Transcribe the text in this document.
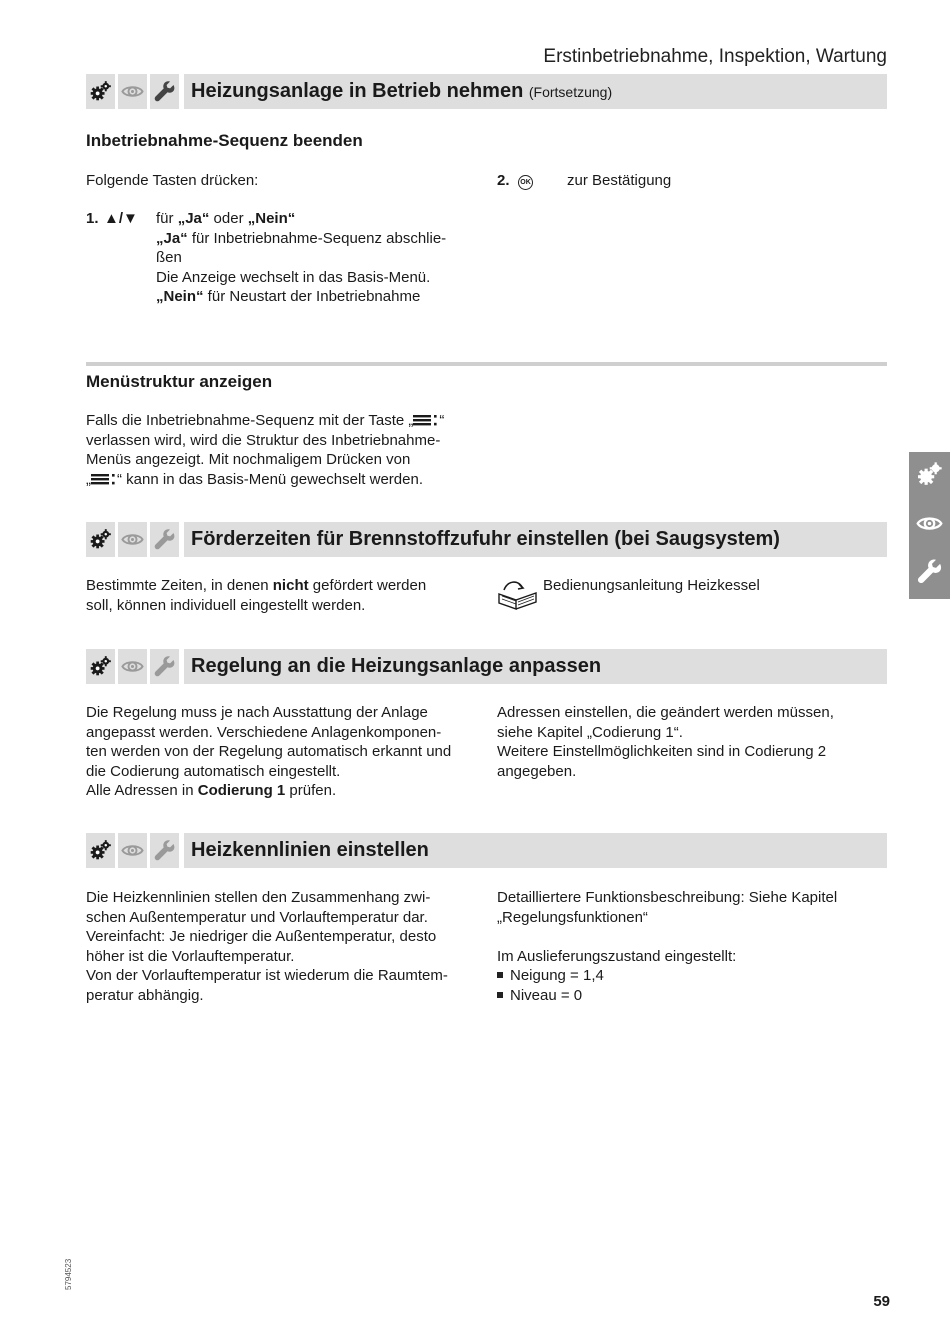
Erstinbetriebnahme, Inspektion, Wartung
Heizungsanlage in Betrieb nehmen (Fortsetzung)
Inbetriebnahme-Sequenz beenden
Folgende Tasten drücken:
1. ▲/▼ für „Ja“ oder „Nein“
„Ja“ für Inbetriebnahme-Sequenz abschlie-
ßen
Die Anzeige wechselt in das Basis-Menü.
„Nein“ für Neustart der Inbetriebnahme
2.	OK zur Bestätigung
Menüstruktur anzeigen
Falls die Inbetriebnahme-Sequenz mit der Taste „ “
verlassen wird, wird die Struktur des Inbetriebnahme-
Menüs angezeigt. Mit nochmaligem Drücken von
„ “ kann in das Basis-Menü gewechselt werden.
Förderzeiten für Brennstoffzufuhr einstellen (bei Saugsystem)
Bestimmte Zeiten, in denen nicht gefördert werden
soll, können individuell eingestellt werden.
Bedienungsanleitung Heizkessel
Regelung an die Heizungsanlage anpassen
Die Regelung muss je nach Ausstattung der Anlage
angepasst werden. Verschiedene Anlagenkomponen-
ten werden von der Regelung automatisch erkannt und
die Codierung automatisch eingestellt.
Alle Adressen in Codierung 1 prüfen.
Adressen einstellen, die geändert werden müssen,
siehe Kapitel „Codierung 1“.
Weitere Einstellmöglichkeiten sind in Codierung 2
angegeben.
Heizkennlinien einstellen
Die Heizkennlinien stellen den Zusammenhang zwi-
schen Außentemperatur und Vorlauftemperatur dar.
Vereinfacht: Je niedriger die Außentemperatur, desto
höher ist die Vorlauftemperatur.
Von der Vorlauftemperatur ist wiederum die Raumtem-
peratur abhängig.
Detailliertere Funktionsbeschreibung: Siehe Kapitel
„Regelungsfunktionen“
Im Auslieferungszustand eingestellt:
Neigung = 1,4
Niveau = 0
5794523
59
